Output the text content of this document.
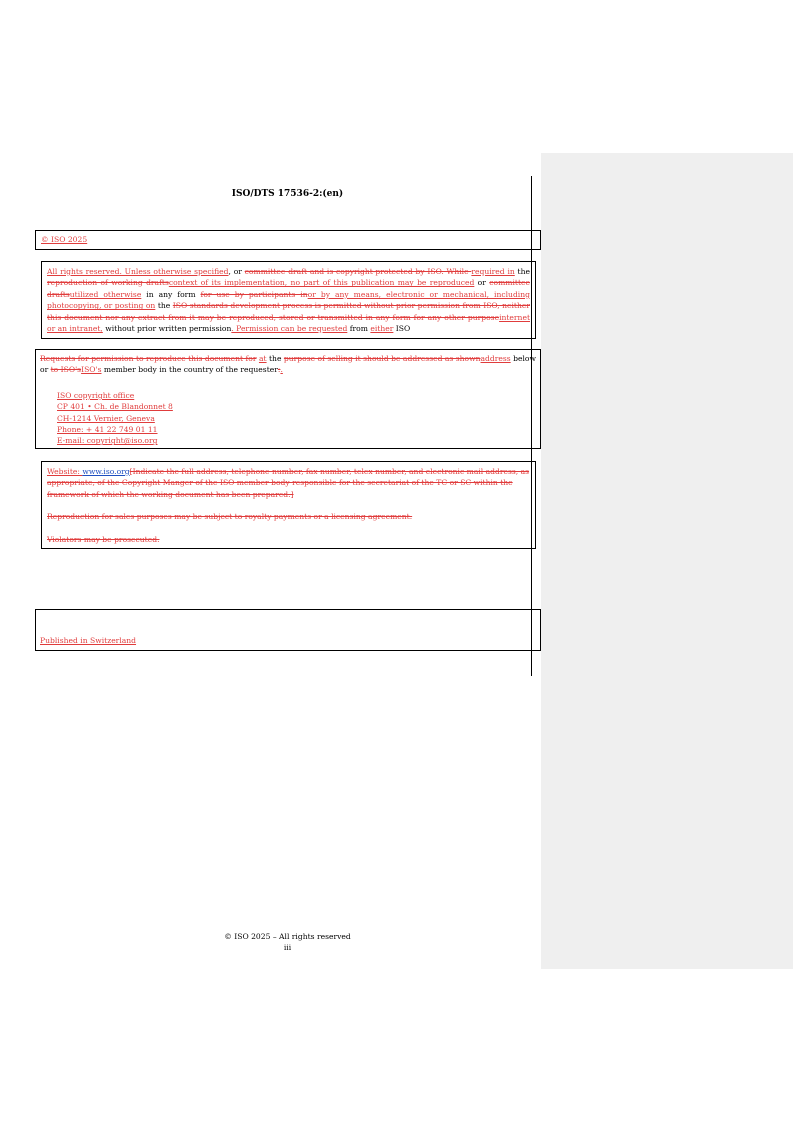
ISO/DTS 17536-2:(en)
© ISO 2025
All rights reserved. Unless otherwise specified, or committee draft and is copyright-protected by ISO. While required in the reproduction of working draftscontext of its implementation, no part of this publication may be reproduced or committee draftsutilized otherwise in any form for use by participants inor by any means, electronic or mechanical, including photocopying, or posting on the ISO standards development process is permitted without prior permission from ISO, neither this document nor any extract from it may be reproduced, stored or transmitted in any form for any other purposeinternet or an intranet, without prior written permission. Permission can be requested from either ISO
Requests for permission to reproduce this document for at the purpose of selling it should be addressed as shownaddress below or to ISO'sISO's member body in the country of the requester:.
ISO copyright office
CP 401 • Ch. de Blandonnet 8
CH-1214 Vernier, Geneva
Phone: + 41 22 749 01 11
E-mail: copyright@iso.org
Website: www.iso.org[Indicate the full address, telephone number, fax number, telex number, and electronic mail address, as appropriate, of the Copyright Manger of the ISO member body responsible for the secretariat of the TC or SC within the framework of which the working document has been prepared.]
Reproduction for sales purposes may be subject to royalty payments or a licensing agreement.
Violators may be prosecuted.
Published in Switzerland
© ISO 2025 – All rights reserved
iii
